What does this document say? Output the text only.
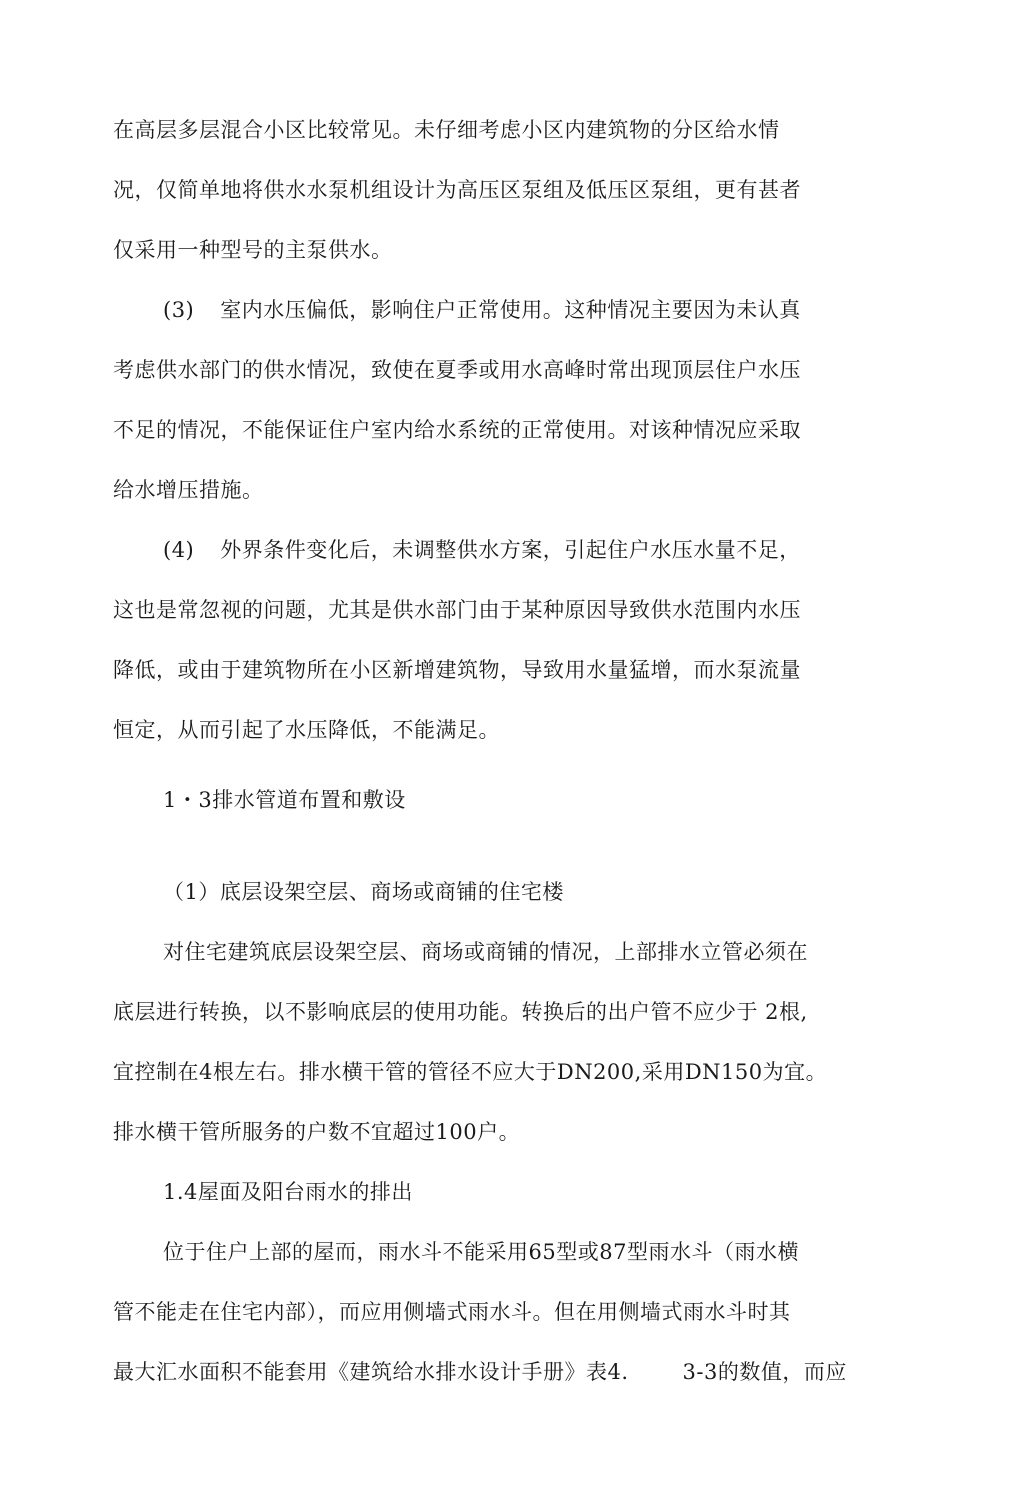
在高层多层混合小区比较常见。未仔细考虑小区内建筑物的分区给水情
况，仅简单地将供水水泵机组设计为高压区泵组及低压区泵组，更有甚者
仅采用一种型号的主泵供水。
(3) 室内水压偏低，影响住户正常使用。这种情况主要因为未认真
考虑供水部门的供水情况，致使在夏季或用水高峰时常出现顶层住户水压
不足的情况，不能保证住户室内给水系统的正常使用。对该种情况应采取
给水增压措施。
(4) 外界条件变化后，未调整供水方案，引起住户水压水量不足，
这也是常忽视的问题，尤其是供水部门由于某种原因导致供水范围内水压
降低，或由于建筑物所在小区新增建筑物，导致用水量猛增，而水泵流量
恒定，从而引起了水压降低，不能满足。
1・3排水管道布置和敷设
（1）底层设架空层、商场或商铺的住宅楼
对住宅建筑底层设架空层、商场或商铺的情况，上部排水立管必须在
底层进行转换，以不影响底层的使用功能。转换后的出户管不应少于 2根,
宜控制在4根左右。排水横干管的管径不应大于DN200,采用DN150为宜。
排水横干管所服务的户数不宜超过100户。
1.4屋面及阳台雨水的排出
位于住户上部的屋而，雨水斗不能采用65型或87型雨水斗（雨水横
管不能走在住宅内部），而应用侧墙式雨水斗。但在用侧墙式雨水斗时其
最大汇水面积不能套用《建筑给水排水设计手册》表4.	3-3的数值，而应
